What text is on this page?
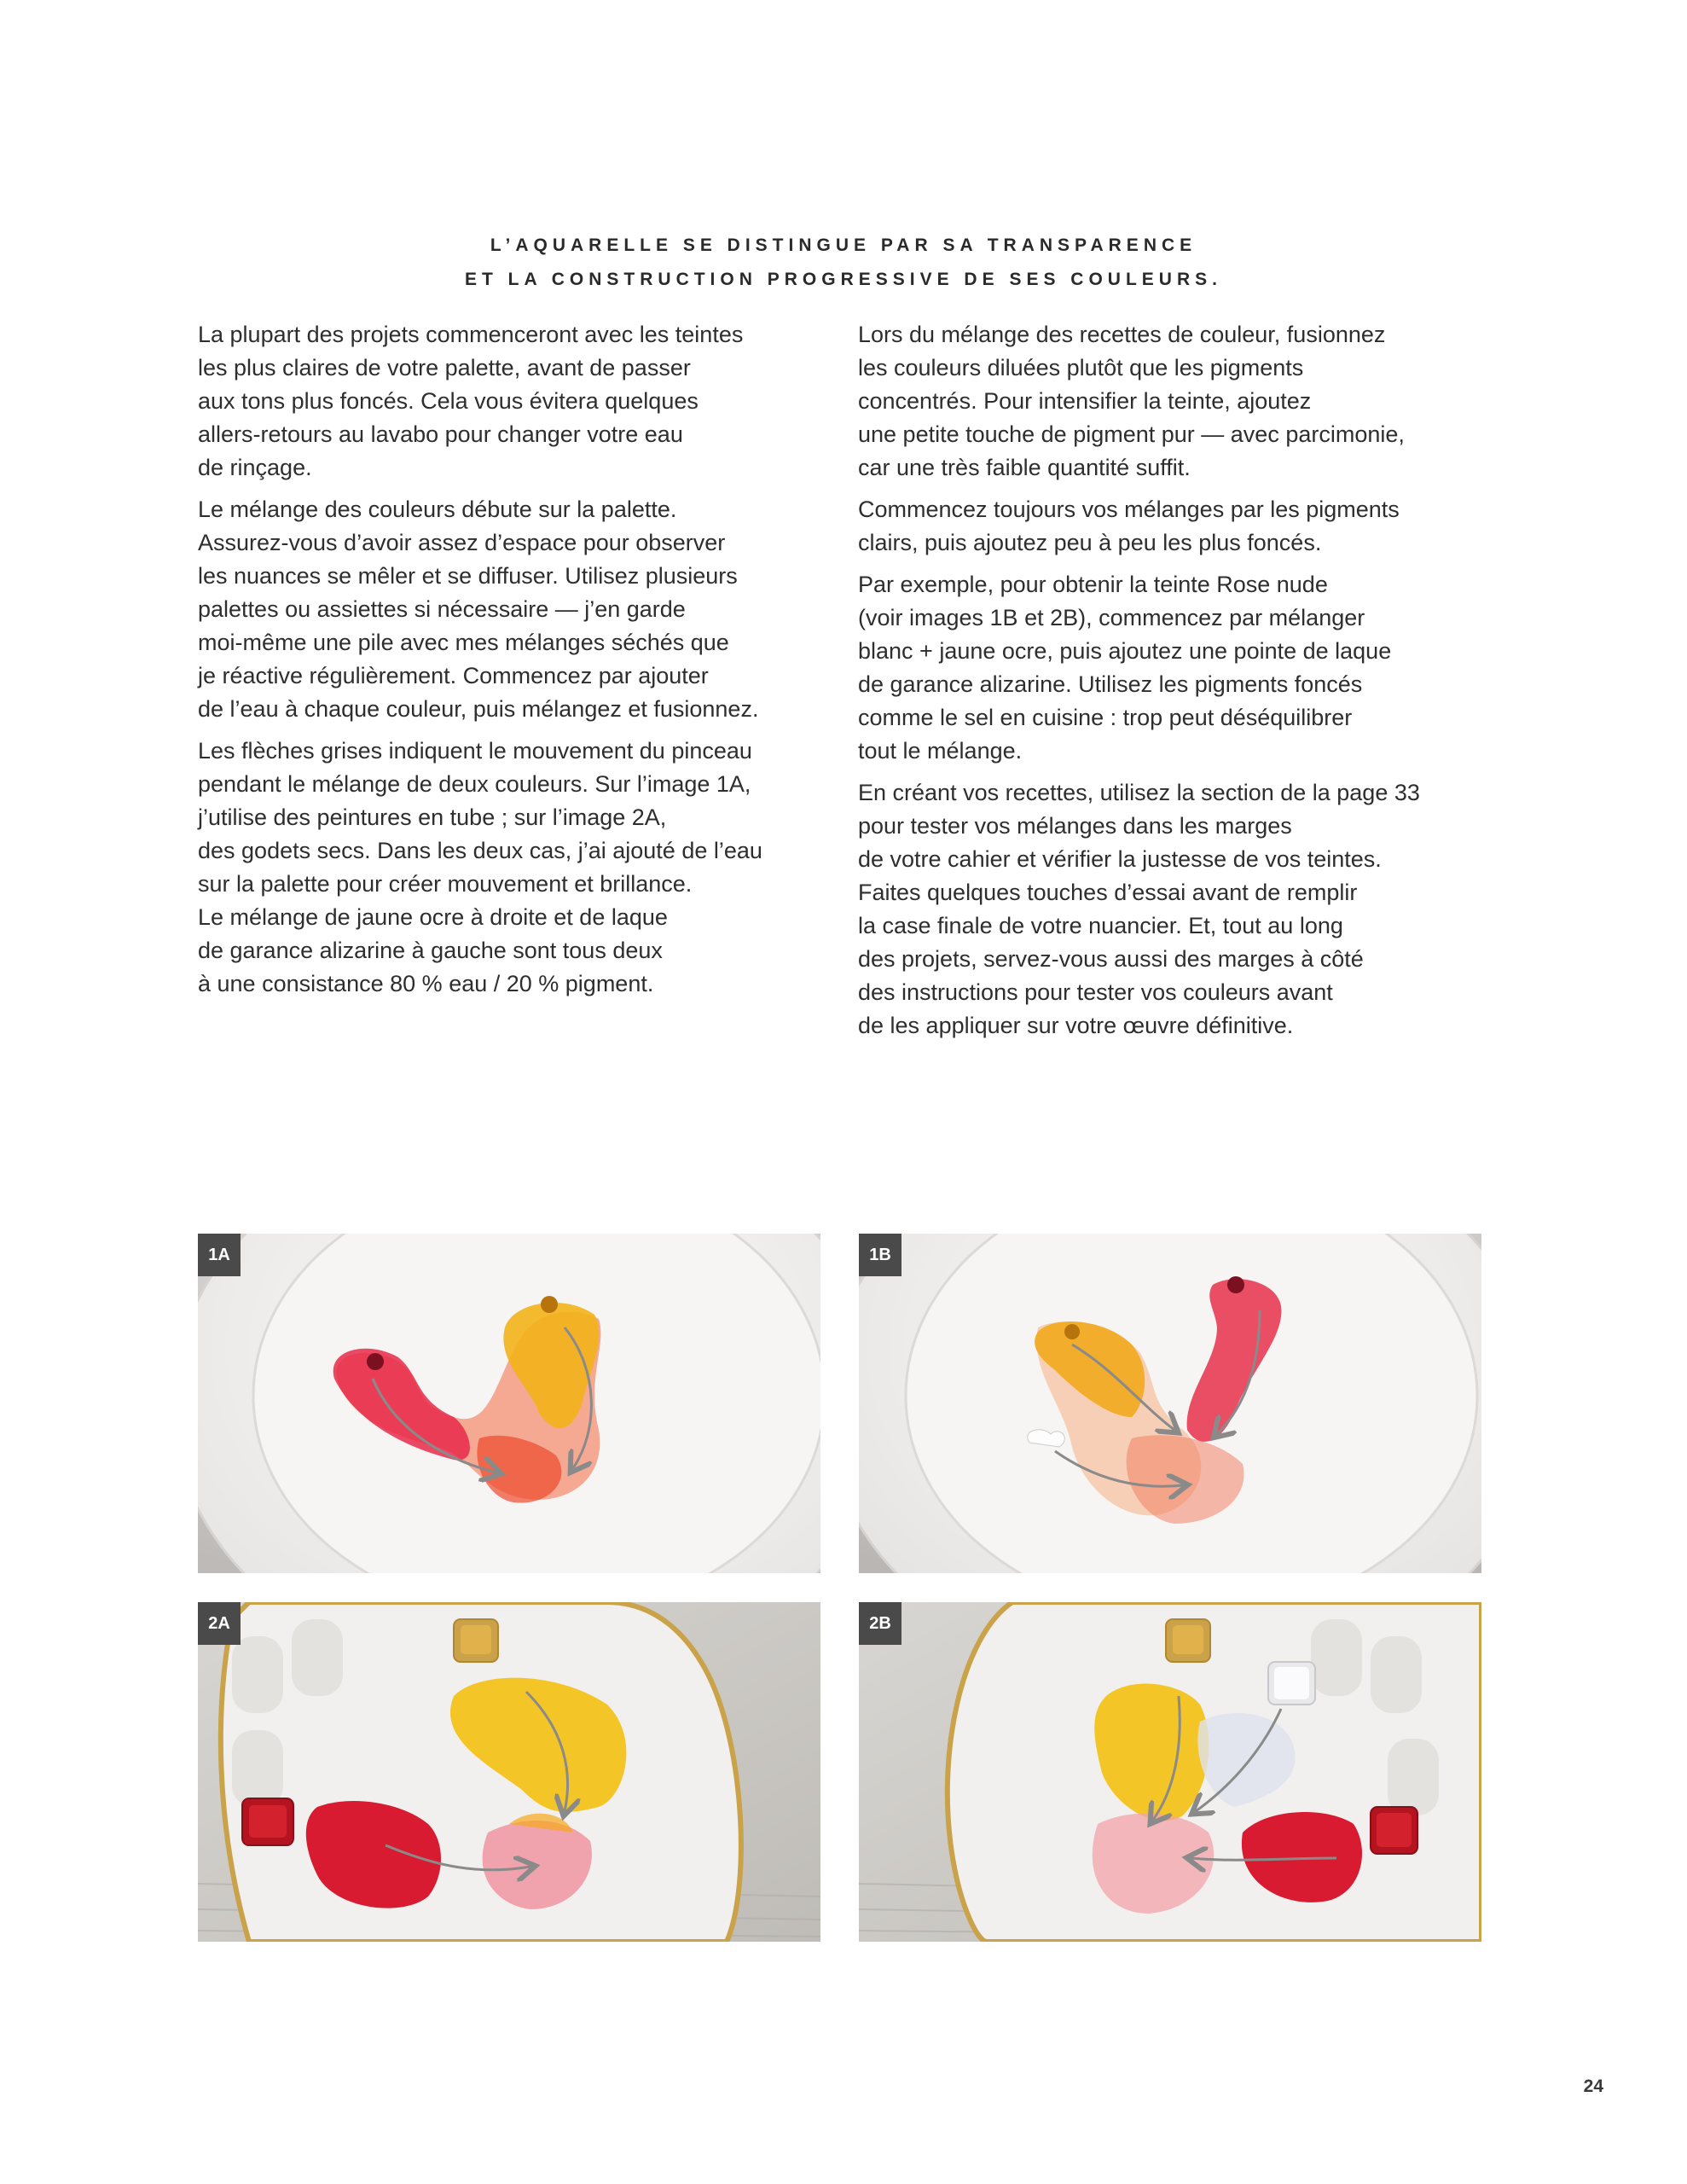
L’AQUARELLE SE DISTINGUE PAR SA TRANSPARENCE
ET LA CONSTRUCTION PROGRESSIVE DE SES COULEURS.

La plupart des projets commenceront avec les teintes
les plus claires de votre palette, avant de passer
aux tons plus foncés. Cela vous évitera quelques
allers-retours au lavabo pour changer votre eau
de rinçage.

Le mélange des couleurs débute sur la palette.
Assurez-vous d’avoir assez d’espace pour observer
les nuances se mêler et se diffuser. Utilisez plusieurs
palettes ou assiettes si nécessaire — j’en garde
moi-même une pile avec mes mélanges séchés que
je réactive régulièrement. Commencez par ajouter
de l’eau à chaque couleur, puis mélangez et fusionnez.

Les flèches grises indiquent le mouvement du pinceau
pendant le mélange de deux couleurs. Sur l’image 1A,
j’utilise des peintures en tube ; sur l’image 2A,
des godets secs. Dans les deux cas, j’ai ajouté de l’eau
sur la palette pour créer mouvement et brillance.
Le mélange de jaune ocre à droite et de laque
de garance alizarine à gauche sont tous deux
à une consistance 80 % eau / 20 % pigment.

Lors du mélange des recettes de couleur, fusionnez
les couleurs diluées plutôt que les pigments
concentrés. Pour intensifier la teinte, ajoutez
une petite touche de pigment pur — avec parcimonie,
car une très faible quantité suffit.

Commencez toujours vos mélanges par les pigments
clairs, puis ajoutez peu à peu les plus foncés.

Par exemple, pour obtenir la teinte Rose nude
(voir images 1B et 2B), commencez par mélanger
blanc + jaune ocre, puis ajoutez une pointe de laque
de garance alizarine. Utilisez les pigments foncés
comme le sel en cuisine : trop peut déséquilibrer
tout le mélange.

En créant vos recettes, utilisez la section de la page 33
pour tester vos mélanges dans les marges
de votre cahier et vérifier la justesse de vos teintes.
Faites quelques touches d’essai avant de remplir
la case finale de votre nuancier. Et, tout au long
des projets, servez-vous aussi des marges à côté
des instructions pour tester vos couleurs avant
de les appliquer sur votre œuvre définitive.

1A	1B
2A	2B
24
